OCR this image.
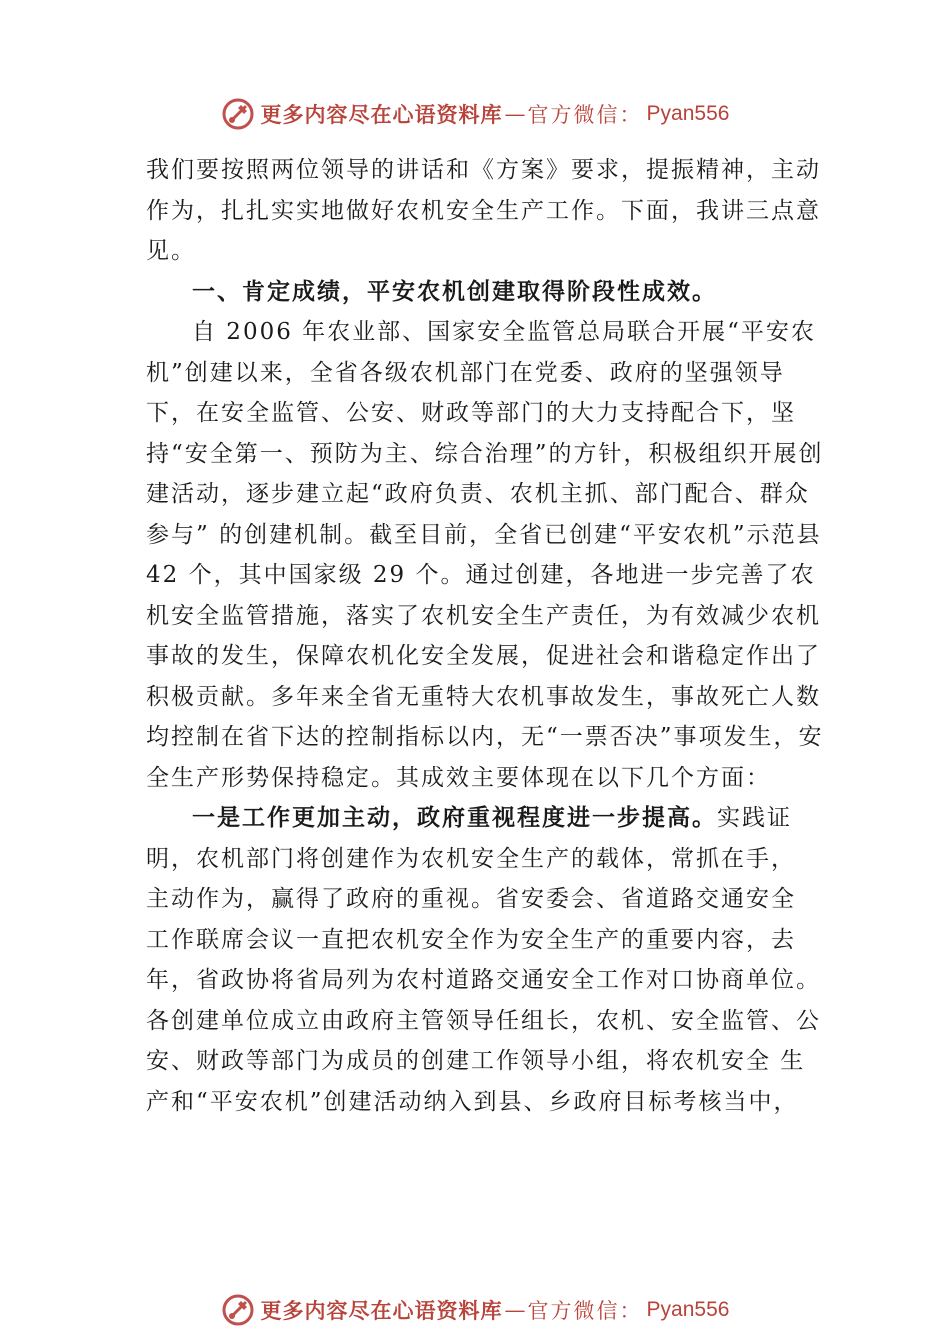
更多内容尽在心语资料库 — 官方微信： Pyan556

我们要按照两位领导的讲话和《方案》要求，提振精神，主动作为，扎扎实实地做好农机安全生产工作。下面，我讲三点意见。

一、肯定成绩，平安农机创建取得阶段性成效。

自 2006 年农业部、国家安全监管总局联合开展“平安农机”创建以来，全省各级农机部门在党委、政府的坚强领导下，在安全监管、公安、财政等部门的大力支持配合下，坚持“安全第一、预防为主、综合治理”的方针，积极组织开展创建活动，逐步建立起“政府负责、农机主抓、部门配合、群众参与” 的创建机制。截至目前，全省已创建“平安农机”示范县 42 个，其中国家级 29 个。通过创建，各地进一步完善了农机安全监管措施，落实了农机安全生产责任，为有效减少农机事故的发生，保障农机化安全发展，促进社会和谐稳定作出了积极贡献。多年来全省无重特大农机事故发生，事故死亡人数均控制在省下达的控制指标以内，无“一票否决”事项发生，安全生产形势保持稳定。其成效主要体现在以下几个方面：

一是工作更加主动，政府重视程度进一步提高。实践证明，农机部门将创建作为农机安全生产的载体，常抓在手， 主动作为，赢得了政府的重视。省安委会、省道路交通安全 工作联席会议一直把农机安全作为安全生产的重要内容，去 年，省政协将省局列为农村道路交通安全工作对口协商单位。各创建单位成立由政府主管领导任组长，农机、安全监管、公安、财政等部门为成员的创建工作领导小组，将农机安全 生产和“平安农机”创建活动纳入到县、乡政府目标考核当中，

更多内容尽在心语资料库 — 官方微信： Pyan556
